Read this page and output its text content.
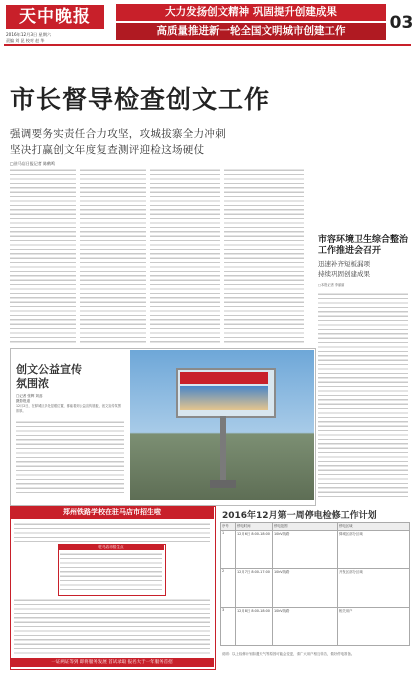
天中晚报
2016年12月3日 星期六
责编 刘 昆 校对 赵 华
大力发扬创文精神 巩固提升创建成果
高质量推进新一轮全国文明城市创建工作	03
市长督导检查创文工作
强调要务实责任合力攻坚，攻城拔寨全力冲刺
坚决打赢创文年度复查测评迎检这场硬仗
□驻马店日报记者 陈鹤鸣
市容环境卫生综合整治
工作推进会召开
迅速补齐短板漏项
持续巩固创建成果
□本报记者 李丽丽
创文公益宣传
氛围浓
□记者 张辉 刘蕊
摄影报道
12月2日，在驿城区多处显眼位置，都能看到公益宣传展板，创文宣传氛围浓厚。
郑州铁路学校在驻马店市招生啦
驻马店市招生点
一证两证等到 即将服务发展 首试录取 报名大于一年服务首招
2016年12月第一周停电检修工作计划
序号	停电时间	停电范围	停电区域
1	12月6日 8:00-18:00	10kV线路	驿城区部分区域
2	12月7日 8:00-17:00	10kV线路	开发区部分区域
3	12月8日 8:00-18:00	10kV线路	相关用户
说明：以上检修计划如遇天气等原因可能会变更，请广大用户相互转告，做好停电准备。
